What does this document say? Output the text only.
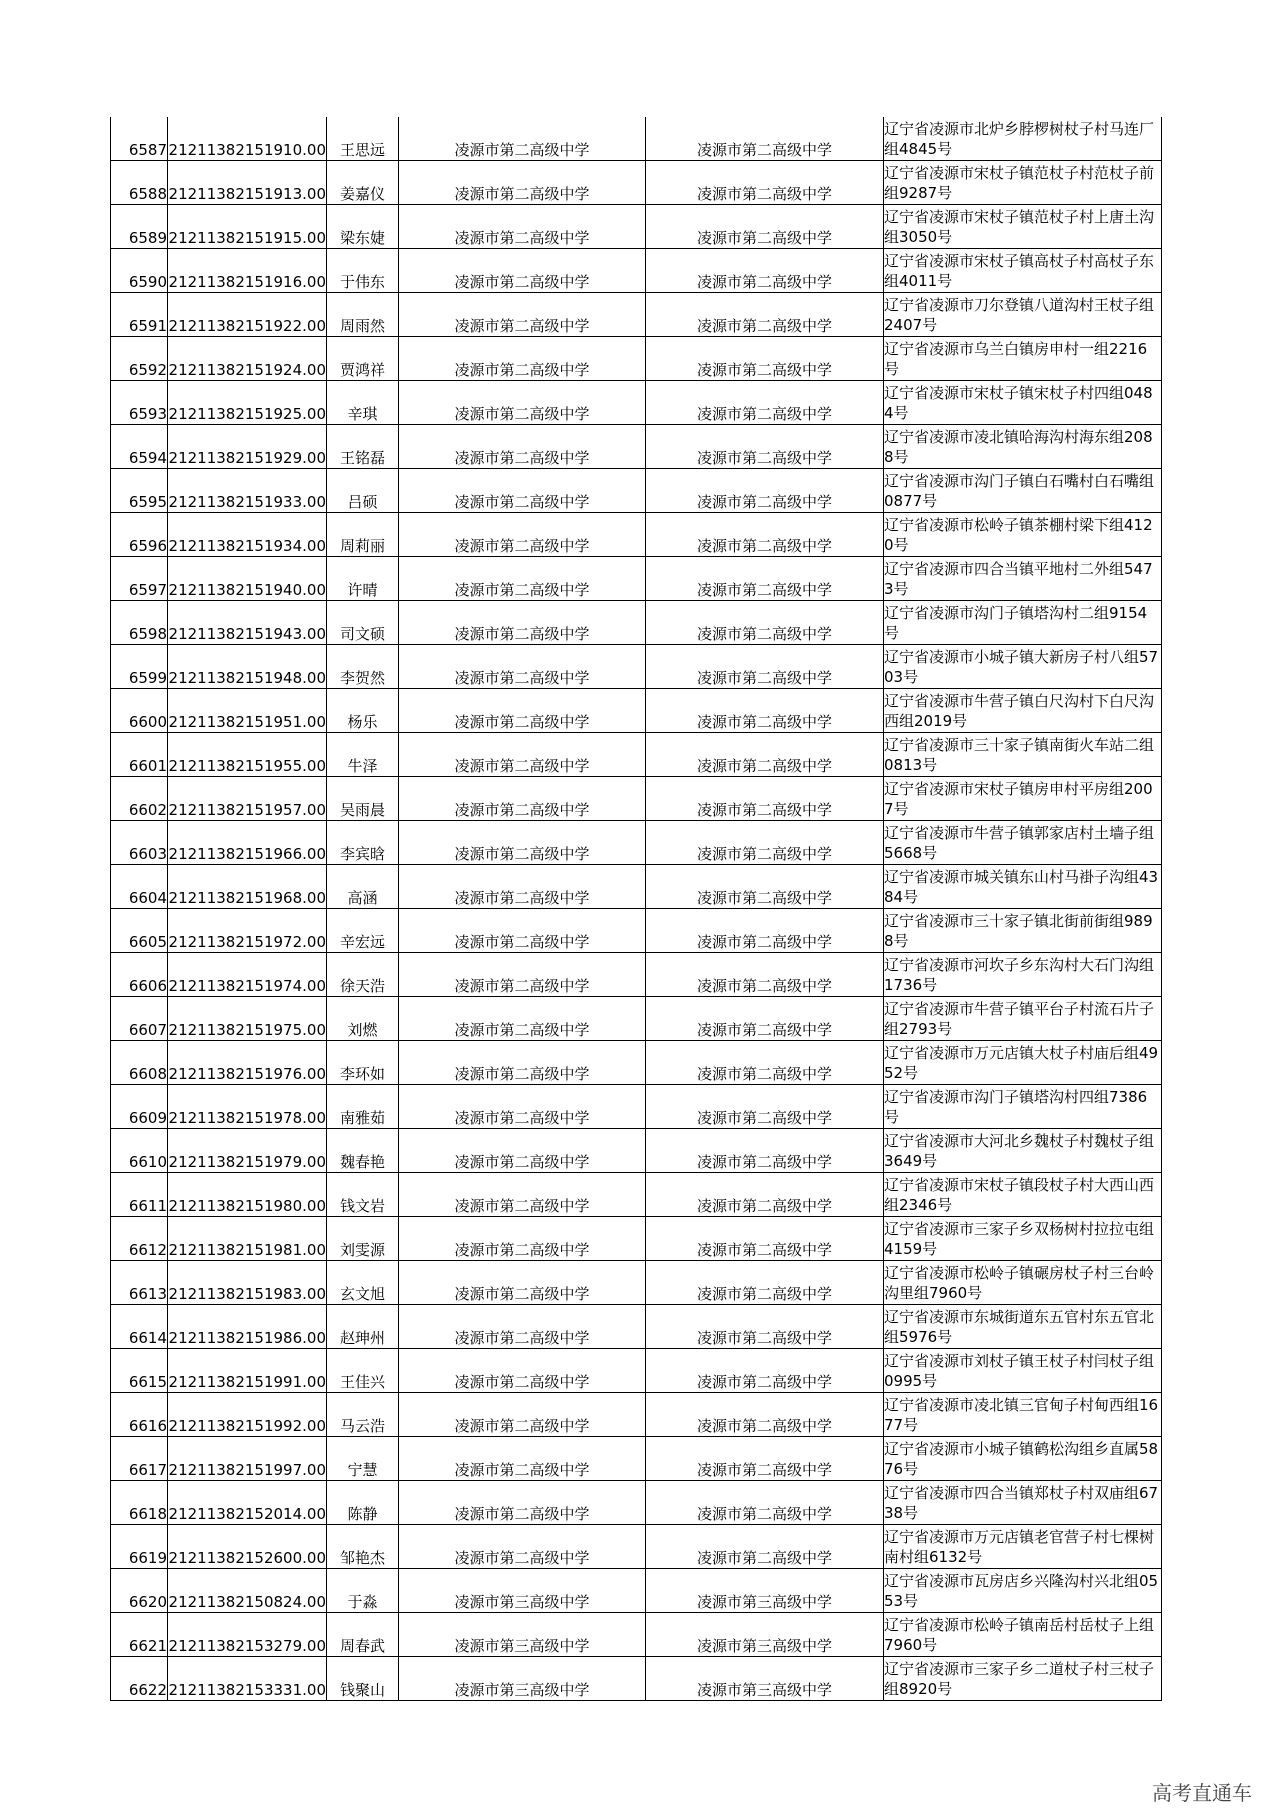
6587	21211382151910.00	王思远	凌源市第二高级中学	凌源市第二高级中学	辽宁省凌源市北炉乡脖椤树杖子村马连厂组4845号
6588	21211382151913.00	姜嘉仪	凌源市第二高级中学	凌源市第二高级中学	辽宁省凌源市宋杖子镇范杖子村范杖子前组9287号
6589	21211382151915.00	梁东婕	凌源市第二高级中学	凌源市第二高级中学	辽宁省凌源市宋杖子镇范杖子村上唐土沟组3050号
6590	21211382151916.00	于伟东	凌源市第二高级中学	凌源市第二高级中学	辽宁省凌源市宋杖子镇高杖子村高杖子东组4011号
6591	21211382151922.00	周雨然	凌源市第二高级中学	凌源市第二高级中学	辽宁省凌源市刀尔登镇八道沟村王杖子组2407号
6592	21211382151924.00	贾鸿祥	凌源市第二高级中学	凌源市第二高级中学	辽宁省凌源市乌兰白镇房申村一组2216号
6593	21211382151925.00	辛琪	凌源市第二高级中学	凌源市第二高级中学	辽宁省凌源市宋杖子镇宋杖子村四组0484号
6594	21211382151929.00	王铭磊	凌源市第二高级中学	凌源市第二高级中学	辽宁省凌源市凌北镇哈海沟村海东组2088号
6595	21211382151933.00	吕硕	凌源市第二高级中学	凌源市第二高级中学	辽宁省凌源市沟门子镇白石嘴村白石嘴组0877号
6596	21211382151934.00	周莉丽	凌源市第二高级中学	凌源市第二高级中学	辽宁省凌源市松岭子镇茶棚村梁下组4120号
6597	21211382151940.00	许晴	凌源市第二高级中学	凌源市第二高级中学	辽宁省凌源市四合当镇平地村二外组5473号
6598	21211382151943.00	司文硕	凌源市第二高级中学	凌源市第二高级中学	辽宁省凌源市沟门子镇塔沟村二组9154号
6599	21211382151948.00	李贺然	凌源市第二高级中学	凌源市第二高级中学	辽宁省凌源市小城子镇大新房子村八组5703号
6600	21211382151951.00	杨乐	凌源市第二高级中学	凌源市第二高级中学	辽宁省凌源市牛营子镇白尺沟村下白尺沟西组2019号
6601	21211382151955.00	牛泽	凌源市第二高级中学	凌源市第二高级中学	辽宁省凌源市三十家子镇南街火车站二组0813号
6602	21211382151957.00	吴雨晨	凌源市第二高级中学	凌源市第二高级中学	辽宁省凌源市宋杖子镇房申村平房组2007号
6603	21211382151966.00	李宾晗	凌源市第二高级中学	凌源市第二高级中学	辽宁省凌源市牛营子镇郭家店村土墙子组5668号
6604	21211382151968.00	高涵	凌源市第二高级中学	凌源市第二高级中学	辽宁省凌源市城关镇东山村马褂子沟组4384号
6605	21211382151972.00	辛宏远	凌源市第二高级中学	凌源市第二高级中学	辽宁省凌源市三十家子镇北街前街组9898号
6606	21211382151974.00	徐天浩	凌源市第二高级中学	凌源市第二高级中学	辽宁省凌源市河坎子乡东沟村大石门沟组1736号
6607	21211382151975.00	刘燃	凌源市第二高级中学	凌源市第二高级中学	辽宁省凌源市牛营子镇平台子村流石片子组2793号
6608	21211382151976.00	李环如	凌源市第二高级中学	凌源市第二高级中学	辽宁省凌源市万元店镇大杖子村庙后组4952号
6609	21211382151978.00	南雅茹	凌源市第二高级中学	凌源市第二高级中学	辽宁省凌源市沟门子镇塔沟村四组7386号
6610	21211382151979.00	魏春艳	凌源市第二高级中学	凌源市第二高级中学	辽宁省凌源市大河北乡魏杖子村魏杖子组3649号
6611	21211382151980.00	钱文岩	凌源市第二高级中学	凌源市第二高级中学	辽宁省凌源市宋杖子镇段杖子村大西山西组2346号
6612	21211382151981.00	刘雯源	凌源市第二高级中学	凌源市第二高级中学	辽宁省凌源市三家子乡双杨树村拉拉屯组4159号
6613	21211382151983.00	玄文旭	凌源市第二高级中学	凌源市第二高级中学	辽宁省凌源市松岭子镇碾房杖子村三台岭沟里组7960号
6614	21211382151986.00	赵珅州	凌源市第二高级中学	凌源市第二高级中学	辽宁省凌源市东城街道东五官村东五官北组5976号
6615	21211382151991.00	王佳兴	凌源市第二高级中学	凌源市第二高级中学	辽宁省凌源市刘杖子镇王杖子村闫杖子组0995号
6616	21211382151992.00	马云浩	凌源市第二高级中学	凌源市第二高级中学	辽宁省凌源市凌北镇三官甸子村甸西组1677号
6617	21211382151997.00	宁慧	凌源市第二高级中学	凌源市第二高级中学	辽宁省凌源市小城子镇鹤松沟组乡直属5876号
6618	21211382152014.00	陈静	凌源市第二高级中学	凌源市第二高级中学	辽宁省凌源市四合当镇郑杖子村双庙组6738号
6619	21211382152600.00	邹艳杰	凌源市第二高级中学	凌源市第二高级中学	辽宁省凌源市万元店镇老官营子村七棵树南村组6132号
6620	21211382150824.00	于淼	凌源市第三高级中学	凌源市第三高级中学	辽宁省凌源市瓦房店乡兴隆沟村兴北组0553号
6621	21211382153279.00	周春武	凌源市第三高级中学	凌源市第三高级中学	辽宁省凌源市松岭子镇南岳村岳杖子上组7960号
6622	21211382153331.00	钱聚山	凌源市第三高级中学	凌源市第三高级中学	辽宁省凌源市三家子乡二道杖子村三杖子组8920号
高考直通车
